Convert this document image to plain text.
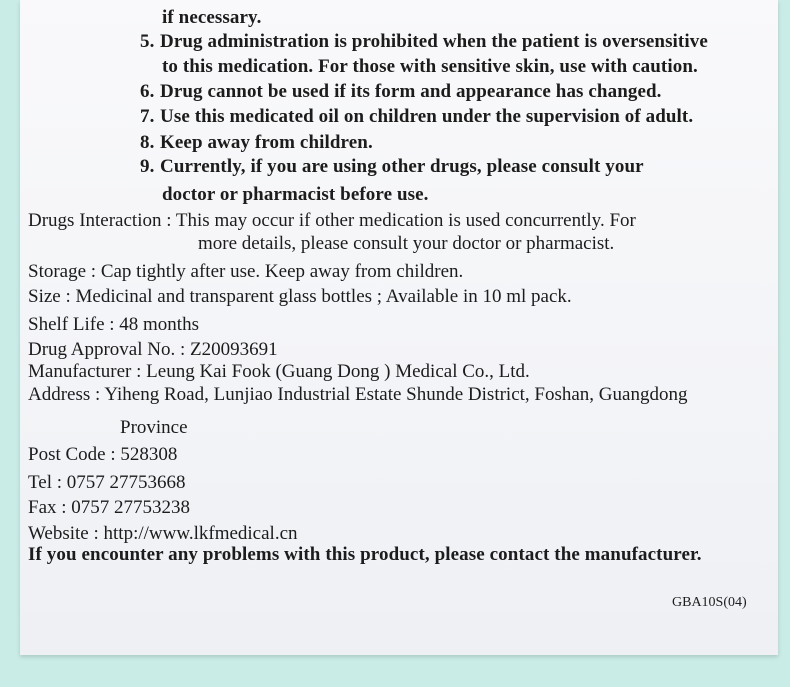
if necessary.
5. Drug administration is prohibited when the patient is oversensitive
to this medication. For those with sensitive skin, use with caution.
6. Drug cannot be used if its form and appearance has changed.
7. Use this medicated oil on children under the supervision of adult.
8. Keep away from children.
9. Currently, if you are using other drugs, please consult your
doctor or pharmacist before use.
Drugs Interaction : This may occur if other medication is used concurrently. For
more details, please consult your doctor or pharmacist.
Storage : Cap tightly after use. Keep away from children.
Size : Medicinal and transparent glass bottles ; Available in 10 ml pack.
Shelf Life : 48 months
Drug Approval No. : Z20093691
Manufacturer : Leung Kai Fook (Guang Dong ) Medical Co., Ltd.
Address : Yiheng Road, Lunjiao Industrial Estate Shunde District, Foshan, Guangdong
Province
Post Code : 528308
Tel : 0757 27753668
Fax : 0757 27753238
Website : http://www.lkfmedical.cn
If you encounter any problems with this product, please contact the manufacturer.
GBA10S(04)
